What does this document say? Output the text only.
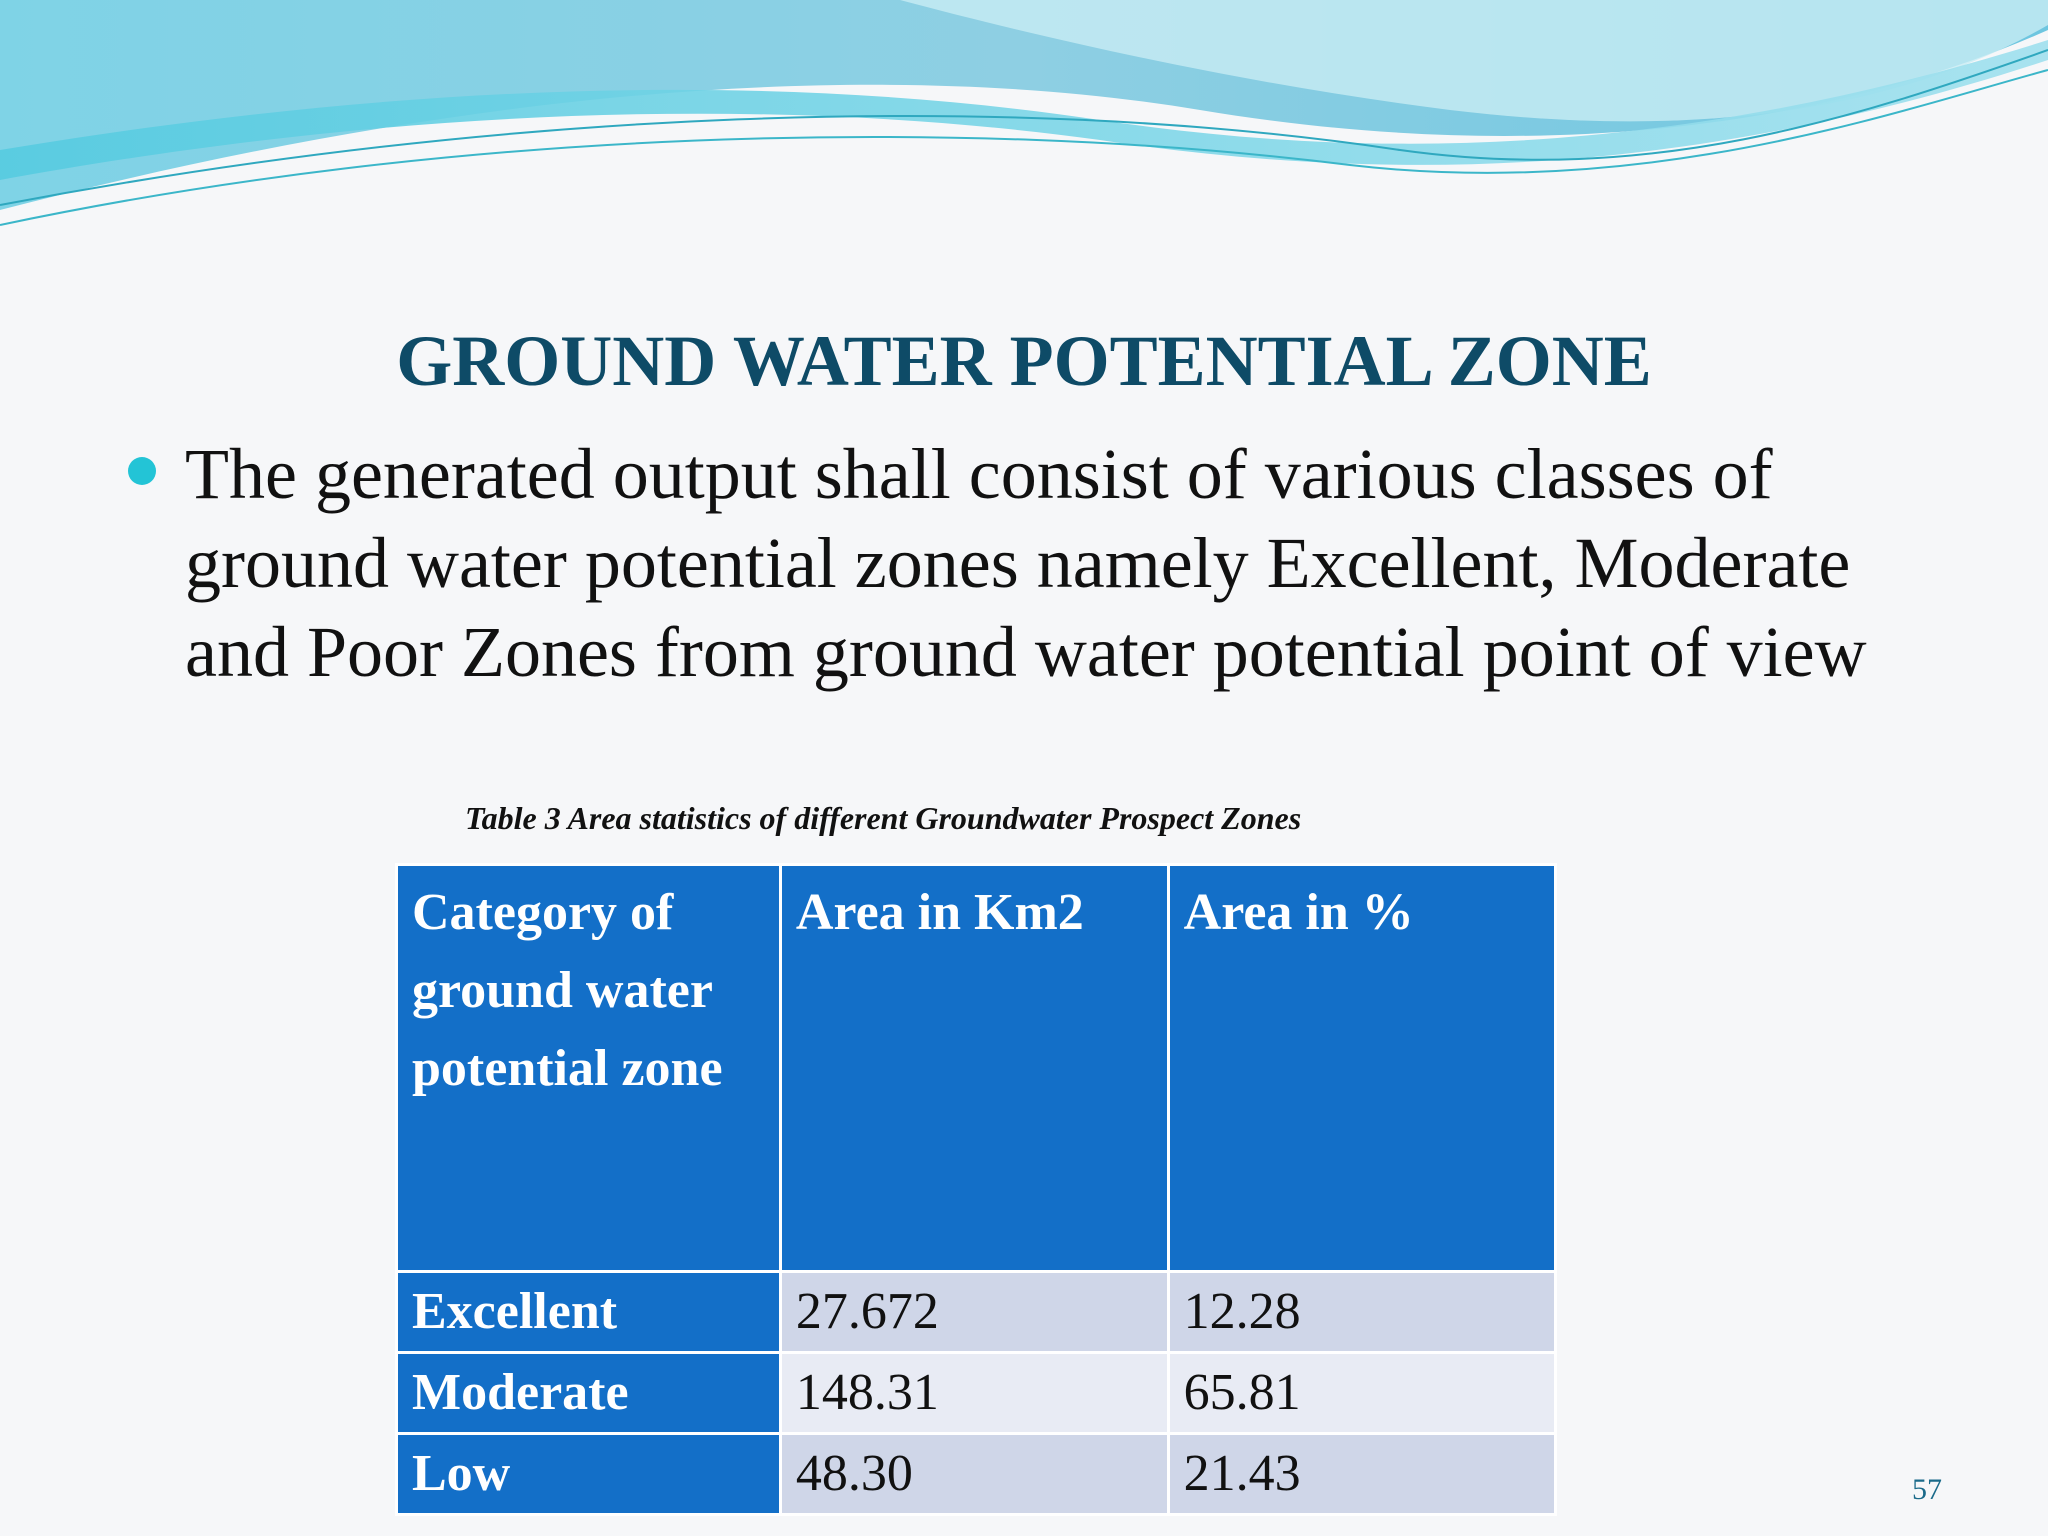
GROUND WATER POTENTIAL ZONE
The generated output shall consist of various classes of ground water potential zones namely Excellent, Moderate and Poor Zones from ground water potential point of view
Table 3 Area statistics of different Groundwater Prospect Zones
Category of ground water potential zone	Area in Km2	Area in %
Excellent	27.672	12.28
Moderate	148.31	65.81
Low	48.30	21.43	57
